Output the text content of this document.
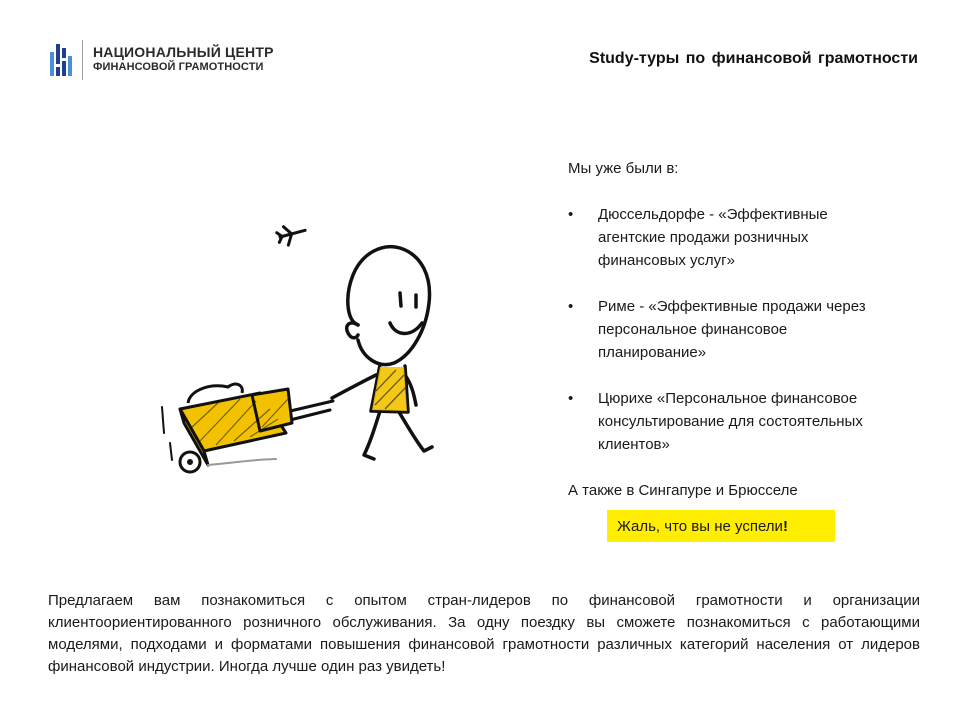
НАЦИОНАЛЬНЫЙ ЦЕНТР
ФИНАНСОВОЙ ГРАМОТНОСТИ	Study-туры по финансовой грамотности

Мы уже были в:

• Дюссельдорфе - «Эффективные агентские продажи розничных финансовых услуг»
• Риме - «Эффективные продажи через персональное финансовое планирование»
• Цюрихе «Персональное финансовое консультирование для состоятельных клиентов»

А также в Сингапуре и Брюсселе

Жаль, что вы не успели !
Предлагаем вам познакомиться с опытом стран-лидеров по финансовой грамотности и организации клиентоориентированного розничного обслуживания. За одну поездку вы сможете познакомиться с работающими моделями, подходами и форматами повышения финансовой грамотности различных категорий населения от лидеров финансовой индустрии. Иногда лучше один раз увидеть!
